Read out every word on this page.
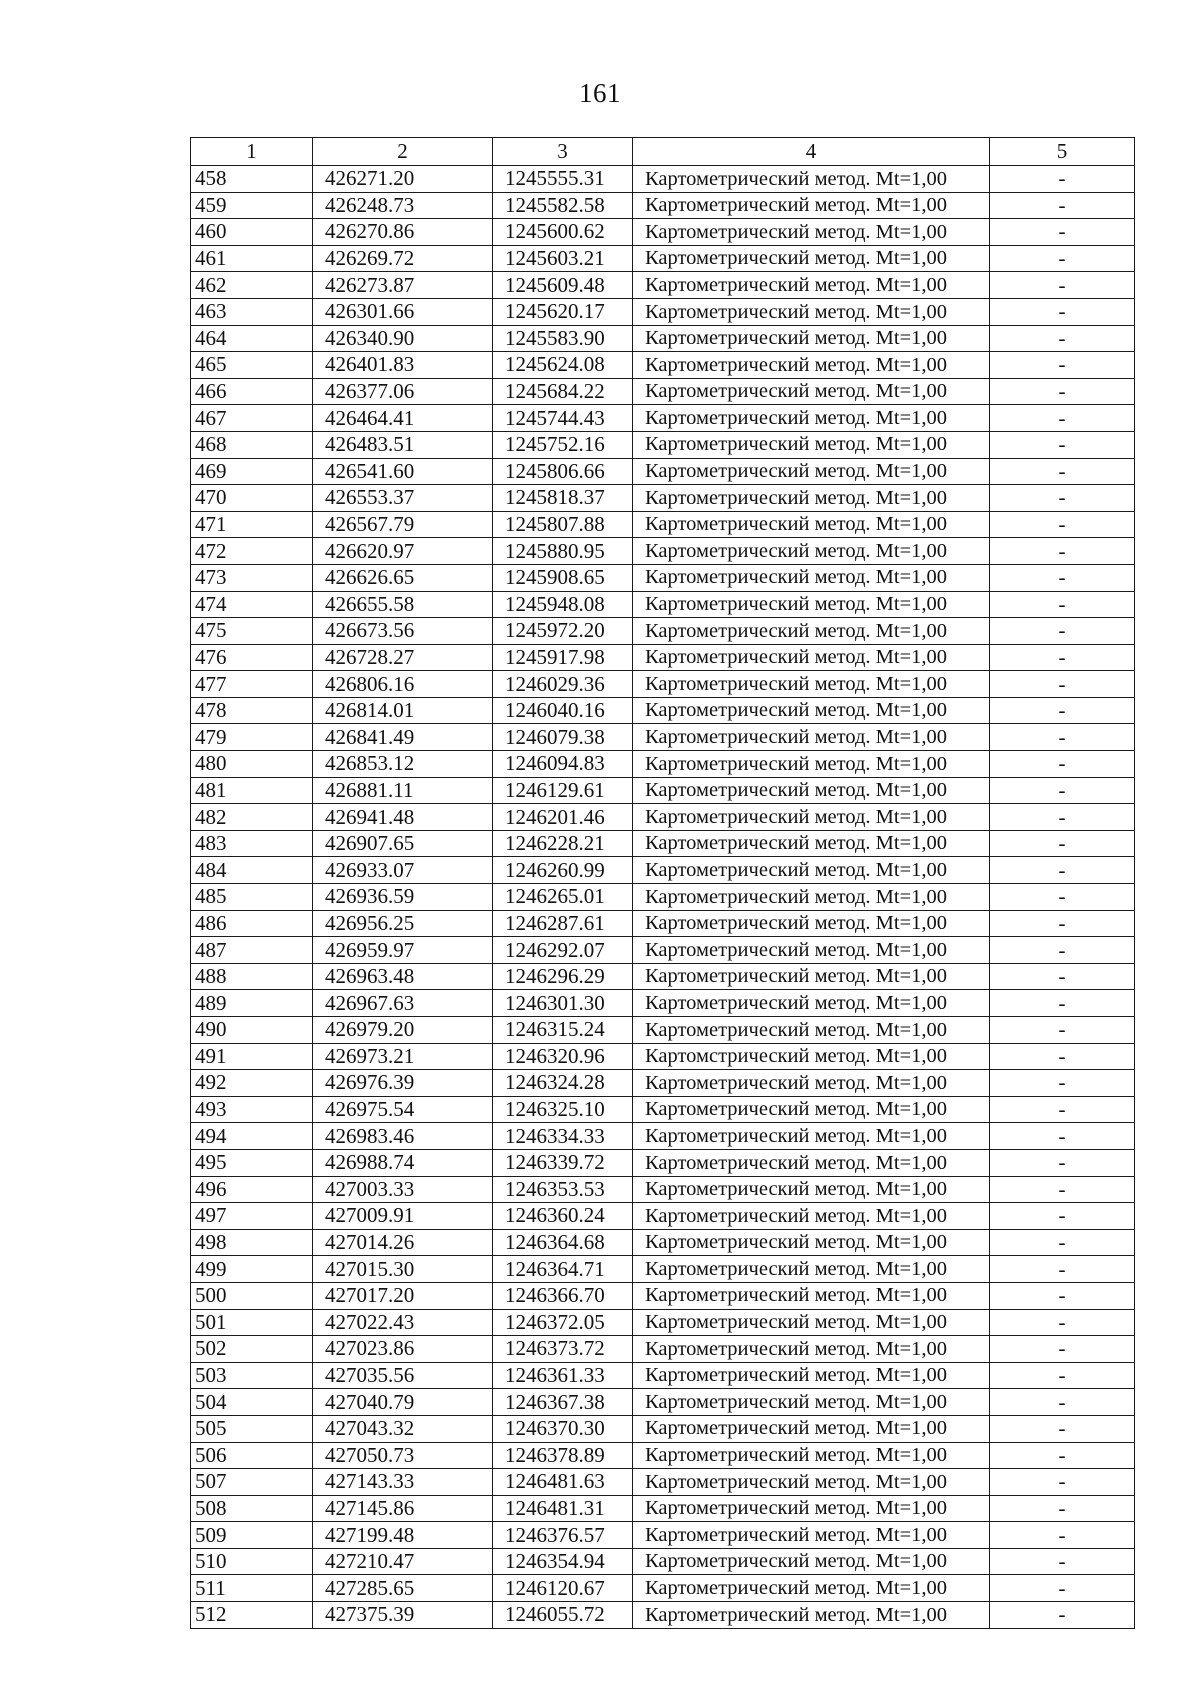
161
1	2	3	4	5
458	426271.20	1245555.31	Картометрический метод. Mt=1,00	-
459	426248.73	1245582.58	Картометрический метод. Mt=1,00	-
460	426270.86	1245600.62	Картометрический метод. Mt=1,00	-
461	426269.72	1245603.21	Картометрический метод. Mt=1,00	-
462	426273.87	1245609.48	Картометрический метод. Mt=1,00	-
463	426301.66	1245620.17	Картометрический метод. Mt=1,00	-
464	426340.90	1245583.90	Картометрический метод. Mt=1,00	-
465	426401.83	1245624.08	Картометрический метод. Mt=1,00	-
466	426377.06	1245684.22	Картометрический метод. Mt=1,00	-
467	426464.41	1245744.43	Картометрический метод. Mt=1,00	-
468	426483.51	1245752.16	Картометрический метод. Mt=1,00	-
469	426541.60	1245806.66	Картометрический метод. Mt=1,00	-
470	426553.37	1245818.37	Картометрический метод. Mt=1,00	-
471	426567.79	1245807.88	Картометрический метод. Mt=1,00	-
472	426620.97	1245880.95	Картометрический метод. Mt=1,00	-
473	426626.65	1245908.65	Картометрический метод. Mt=1,00	-
474	426655.58	1245948.08	Картометрический метод. Mt=1,00	-
475	426673.56	1245972.20	Картометрический метод. Mt=1,00	-
476	426728.27	1245917.98	Картометрический метод. Mt=1,00	-
477	426806.16	1246029.36	Картометрический метод. Mt=1,00	-
478	426814.01	1246040.16	Картометрический метод. Mt=1,00	-
479	426841.49	1246079.38	Картометрический метод. Mt=1,00	-
480	426853.12	1246094.83	Картометрический метод. Mt=1,00	-
481	426881.11	1246129.61	Картометрический метод. Mt=1,00	-
482	426941.48	1246201.46	Картометрический метод. Mt=1,00	-
483	426907.65	1246228.21	Картометрический метод. Mt=1,00	-
484	426933.07	1246260.99	Картометрический метод. Mt=1,00	-
485	426936.59	1246265.01	Картометрический метод. Mt=1,00	-
486	426956.25	1246287.61	Картометрический метод. Mt=1,00	-
487	426959.97	1246292.07	Картометрический метод. Mt=1,00	-
488	426963.48	1246296.29	Картометрический метод. Mt=1,00	-
489	426967.63	1246301.30	Картометрический метод. Mt=1,00	-
490	426979.20	1246315.24	Картометрический метод. Mt=1,00	-
491	426973.21	1246320.96	Картомстрический метод. Mt=1,00	-
492	426976.39	1246324.28	Картометрический метод. Mt=1,00	-
493	426975.54	1246325.10	Картометрический метод. Mt=1,00	-
494	426983.46	1246334.33	Картометрический метод. Mt=1,00	-
495	426988.74	1246339.72	Картометрический метод. Mt=1,00	-
496	427003.33	1246353.53	Картометрический метод. Mt=1,00	-
497	427009.91	1246360.24	Картометрический метод. Mt=1,00	-
498	427014.26	1246364.68	Картометрический метод. Mt=1,00	-
499	427015.30	1246364.71	Картометрический метод. Mt=1,00	-
500	427017.20	1246366.70	Картометрический метод. Mt=1,00	-
501	427022.43	1246372.05	Картометрический метод. Mt=1,00	-
502	427023.86	1246373.72	Картометрический метод. Mt=1,00	-
503	427035.56	1246361.33	Картометрический метод. Mt=1,00	-
504	427040.79	1246367.38	Картометрический метод. Mt=1,00	-
505	427043.32	1246370.30	Картометрический метод. Mt=1,00	-
506	427050.73	1246378.89	Картометрический метод. Mt=1,00	-
507	427143.33	1246481.63	Картометрический метод. Mt=1,00	-
508	427145.86	1246481.31	Картометрический метод. Mt=1,00	-
509	427199.48	1246376.57	Картометрический метод. Mt=1,00	-
510	427210.47	1246354.94	Картометрический метод. Mt=1,00	-
511	427285.65	1246120.67	Картометрический метод. Mt=1,00	-
512	427375.39	1246055.72	Картометрический метод. Mt=1,00	-
